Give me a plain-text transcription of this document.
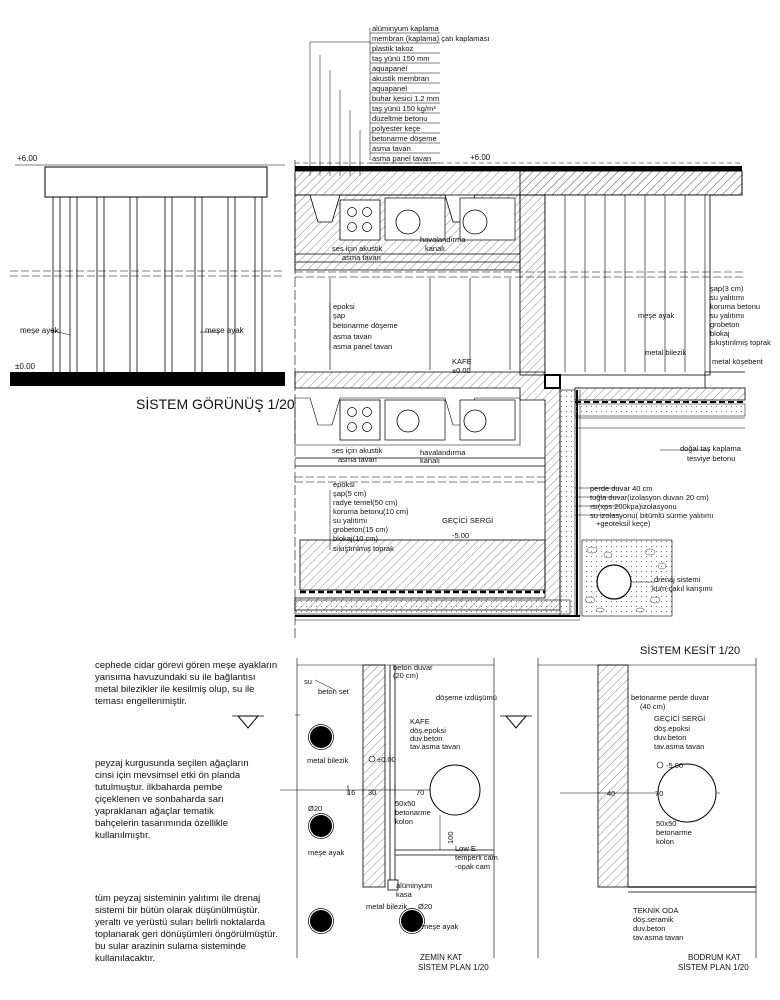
+6.00
±0.00
meşe ayak	meşe ayak
SİSTEM GÖRÜNÜŞ 1/20
+6.00
alüminyum kaplama
membran (kaplama) çatı kaplaması
plastik takoz
taş yünü 150 mm
aquapanel
akustik membran
aquapanel
buhar kesici 1.2 mm
taş yünü 150 kg/m³
düzeltme betonu
polyester keçe
betonarme döşeme
asma tavan
asma panel tavan
ses için akustik
asma tavan
havalandırma
kanalı
meşe ayak
metal bilezik
metal köşebent
KAFE
±0.00
ses için akustik
asma tavan
havalandırma
kanalı
doğal taş kaplama
tesviye betonu
GEÇİCİ SERGİ
-5.00
drenaj sistemi
kum-çakıl karışımı
epoksi
şap
betonarme döşeme
asma tavan
asma panel tavan
epoksi
şap(5 cm)
radye temel(50 cm)
koruma betonu(10 cm)
su yalıtımı
grobeton(15 cm)
blokaj(10 cm)
sıkıştırılmış toprak
şap(3 cm)
su yalıtımı
koruma betonu
su yalıtımı
grobeton
blokaj
sıkıştırılmış toprak
perde duvar 40 cm
tuğla duvar(izolasyon duvarı 20 cm)
ısı(xps 200kpa)izolasyonu
su izolasyonu( bitümlü sürme yalıtımı
+geoteksil keçe)
SİSTEM KESİT 1/20
su
beton set
beton duvar
(20 cm)
döşeme izdüşümü
KAFE
döş.epoksi
duv.beton
tav.asma tavan
±0.00
metal bilezik
Ø20
meşe ayak
16 30	70
50x50
betonarme
kolon
100
Low E
temperli cam
-opak cam
alüminyum
kasa
metal bilezik Ø20
meşe ayak
ZEMİN KAT
SİSTEM PLAN 1/20
betonarme perde duvar
(40 cm)
GEÇİCİ SERGİ
döş.epoksi
duv.beton
tav.asma tavan
-5.00
40	70
50x50
betonarme
kolon
TEKNİK ODA
döş.seramik
duv.beton
tav.asma tavan
BODRUM KAT
SİSTEM PLAN 1/20
cephede cidar görevi gören meşe ayakların yansıma havuzundaki su ile bağlantısı metal bilezikler ile kesilmiş olup, su ile teması engellenmiştir.
peyzaj kurgusunda seçilen ağaçların cinsi için mevsimsel etki ön planda tutulmuştur. ilkbaharda pembe çiçeklenen ve sonbaharda sarı yapraklanan ağaçlar tematik bahçelerin tasarımında özellikle kullanılmıştır.
tüm peyzaj sisteminin yalıtımı ile drenaj sistemi bir bütün olarak düşünülmüştür. yeraltı ve yerüstü suları belirli noktalarda toplanarak geri dönüşümleri öngörülmüştür. bu sular arazinin sulama sisteminde kullanılacaktır.
